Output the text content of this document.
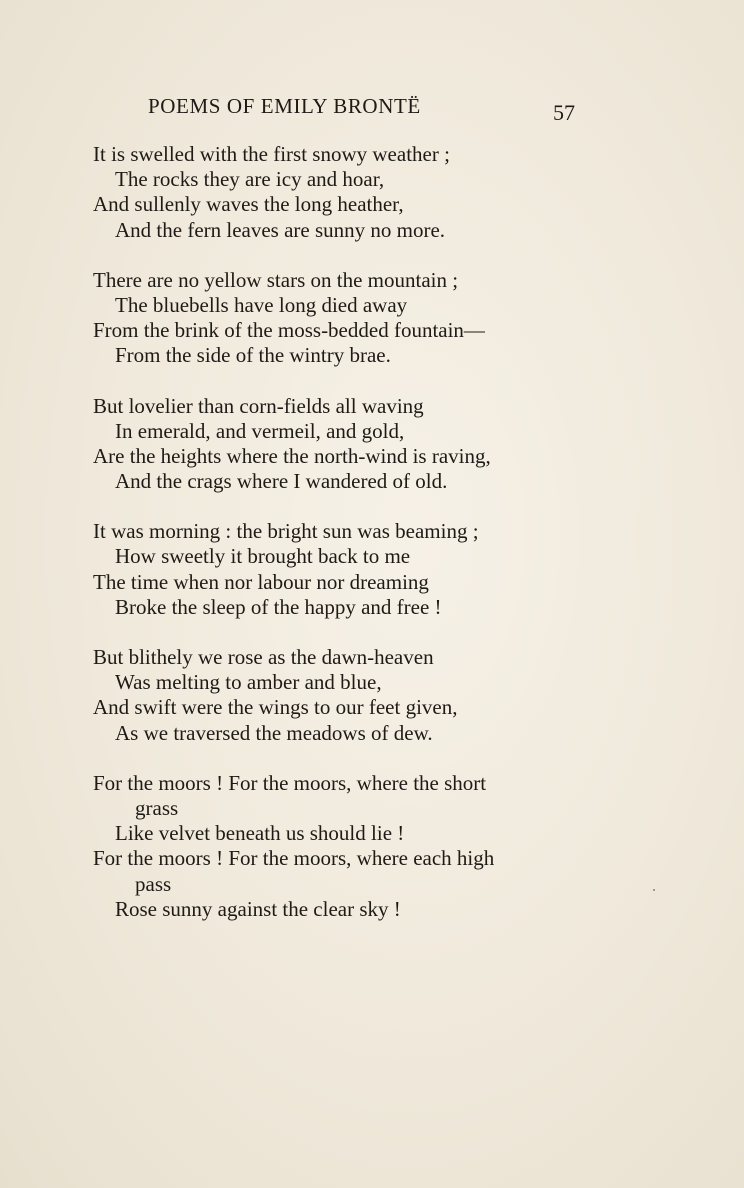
POEMS OF EMILY BRONTË	57
It is swelled with the first snowy weather ;
The rocks they are icy and hoar,
And sullenly waves the long heather,
And the fern leaves are sunny no more.
There are no yellow stars on the mountain ;
The bluebells have long died away
From the brink of the moss-bedded fountain—
From the side of the wintry brae.
But lovelier than corn-fields all waving
In emerald, and vermeil, and gold,
Are the heights where the north-wind is raving,
And the crags where I wandered of old.
It was morning : the bright sun was beaming ;
How sweetly it brought back to me
The time when nor labour nor dreaming
Broke the sleep of the happy and free !
But blithely we rose as the dawn-heaven
Was melting to amber and blue,
And swift were the wings to our feet given,
As we traversed the meadows of dew.
For the moors ! For the moors, where the short
grass
Like velvet beneath us should lie !
For the moors ! For the moors, where each high
pass
Rose sunny against the clear sky !
